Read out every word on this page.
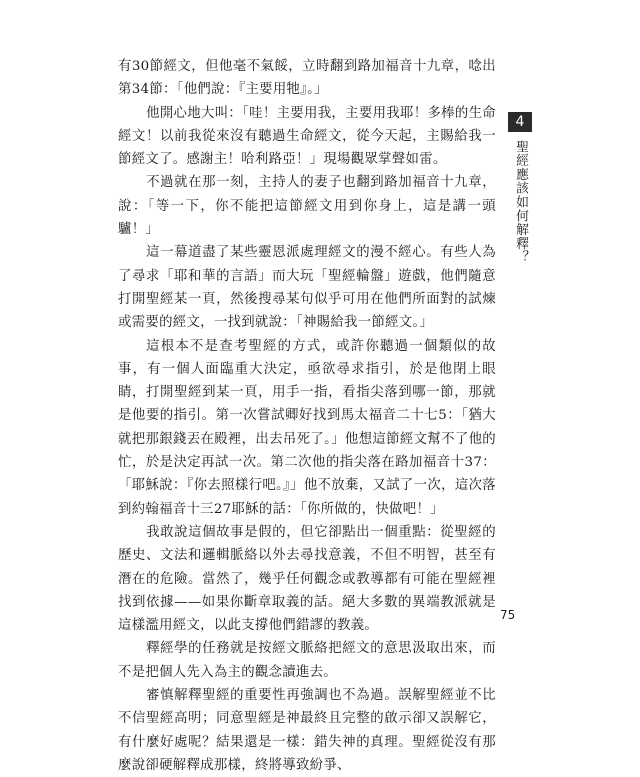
有30節經文，但他毫不氣餒，立時翻到路加福音十九章，唸出第34節：「他們說：『主要用牠』。」

他開心地大叫：「哇！主要用我，主要用我耶！多棒的生命經文！以前我從來沒有聽過生命經文，從今天起，主賜給我一節經文了。感謝主！哈利路亞！」現場觀眾掌聲如雷。

不過就在那一刻，主持人的妻子也翻到路加福音十九章，說：「等一下，你不能把這節經文用到你身上，這是講一頭驢！」

這一幕道盡了某些靈恩派處理經文的漫不經心。有些人為了尋求「耶和華的言語」而大玩「聖經輪盤」遊戲，他們隨意打開聖經某一頁，然後搜尋某句似乎可用在他們所面對的試煉或需要的經文，一找到就說：「神賜給我一節經文。」

這根本不是查考聖經的方式，或許你聽過一個類似的故事，有一個人面臨重大決定，亟欲尋求指引，於是他閉上眼睛，打開聖經到某一頁，用手一指，看指尖落到哪一節，那就是他要的指引。第一次嘗試卿好找到馬太福音二十七5：「猶大就把那銀錢丟在殿裡，出去吊死了。」他想這節經文幫不了他的忙，於是決定再試一次。第二次他的指尖落在路加福音十37：「耶穌說：『你去照樣行吧。』」他不放棄，又試了一次，這次落到約翰福音十三27耶穌的話：「你所做的，快做吧！」

我敢說這個故事是假的，但它卻點出一個重點：從聖經的歷史、文法和邏輯脈絡以外去尋找意義，不但不明智，甚至有潛在的危險。當然了，幾乎任何觀念或教導都有可能在聖經裡找到依據——如果你斷章取義的話。絕大多數的異端教派就是這樣濫用經文，以此支撐他們錯謬的教義。

釋經學的任務就是按經文脈絡把經文的意思汲取出來，而不是把個人先入為主的觀念讀進去。

審慎解釋聖經的重要性再強調也不為過。誤解聖經並不比不信聖經高明；同意聖經是神最終且完整的啟示卻又誤解它，有什麼好處呢？結果還是一樣：錯失神的真理。聖經從沒有那麼說卻硬解釋成那樣，終將導致紛爭、

4
聖經應該如何解釋？
75
